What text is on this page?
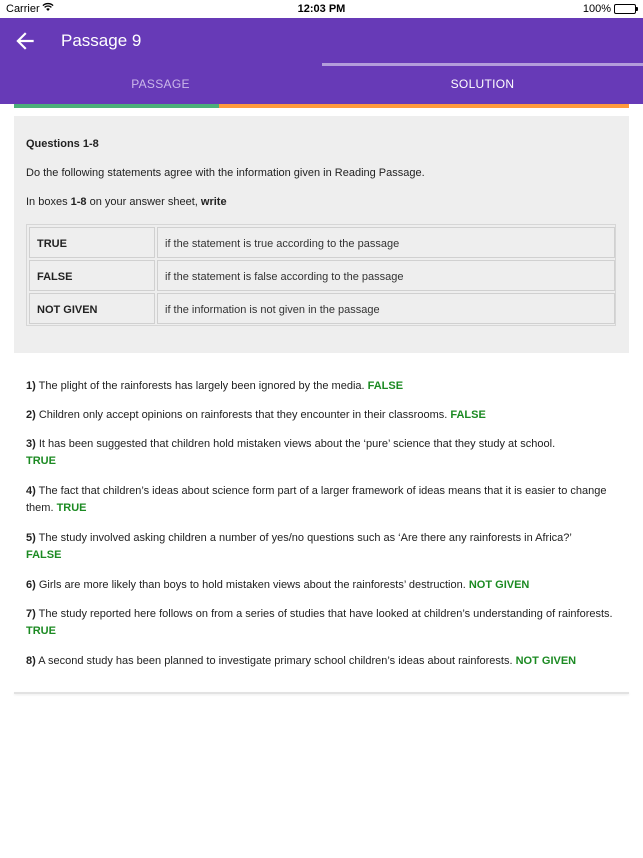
Carrier	12:03 PM	100%
Passage 9
PASSAGE	SOLUTION
Questions 1-8
Do the following statements agree with the information given in Reading Passage.
In boxes 1-8 on your answer sheet, write
TRUE	if the statement is true according to the passage
FALSE	if the statement is false according to the passage
NOT GIVEN	if the information is not given in the passage
1) The plight of the rainforests has largely been ignored by the media. FALSE
2) Children only accept opinions on rainforests that they encounter in their classrooms. FALSE
3) It has been suggested that children hold mistaken views about the ‘pure’ science that they study at school. TRUE
4) The fact that children’s ideas about science form part of a larger framework of ideas means that it is easier to change them. TRUE
5) The study involved asking children a number of yes/no questions such as ‘Are there any rainforests in Africa?’ FALSE
6) Girls are more likely than boys to hold mistaken views about the rainforests’ destruction. NOT GIVEN
7) The study reported here follows on from a series of studies that have looked at children’s understanding of rainforests. TRUE
8) A second study has been planned to investigate primary school children’s ideas about rainforests. NOT GIVEN
